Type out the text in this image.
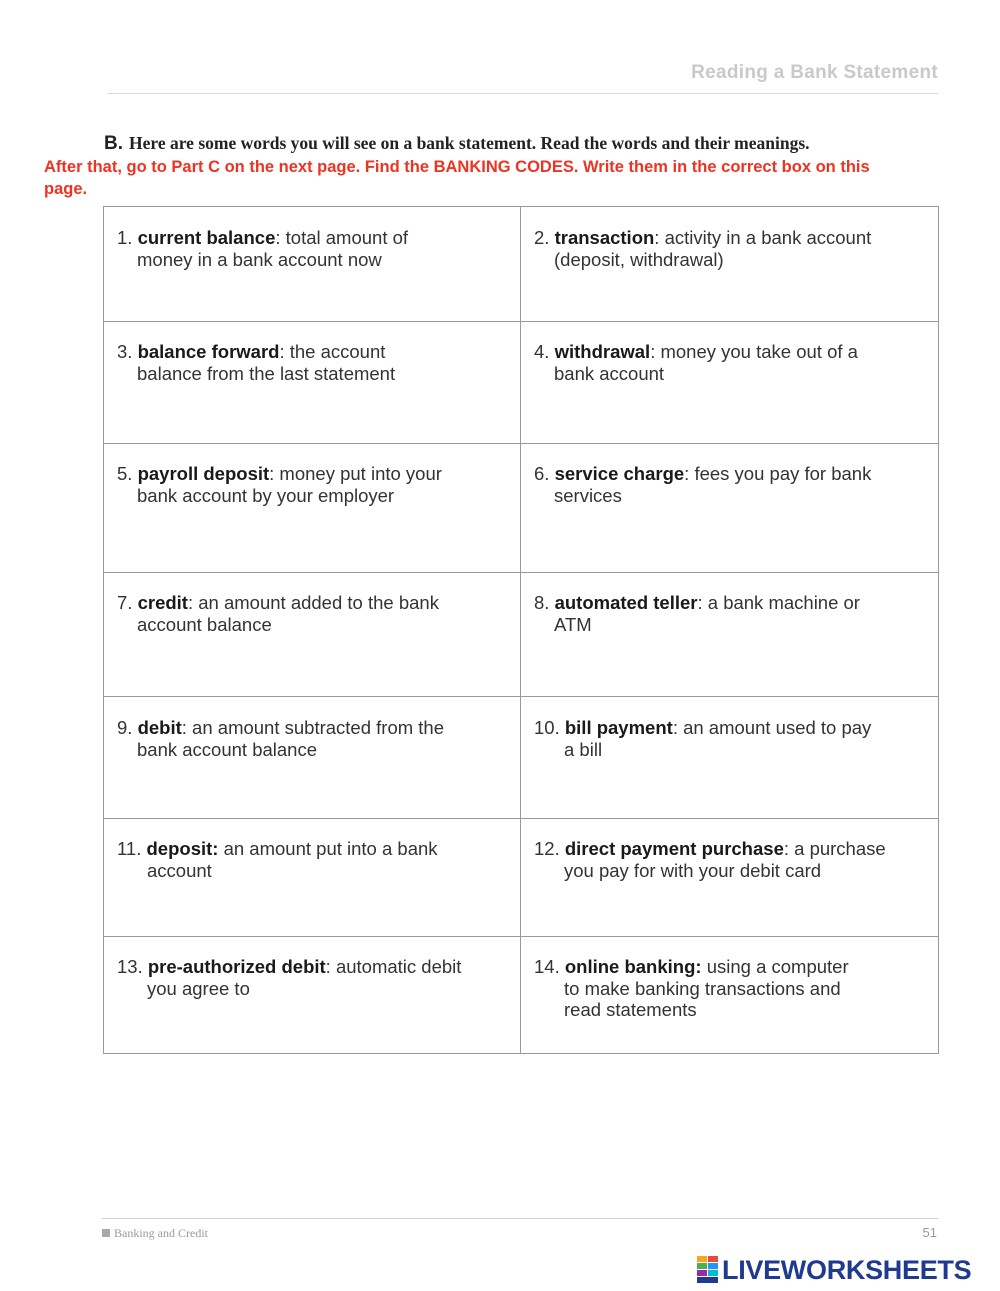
Reading a Bank Statement
B. Here are some words you will see on a bank statement. Read the words and their meanings.
After that, go to Part C on the next page. Find the BANKING CODES. Write them in the correct box on this page.
1. current balance: total amount of
money in a bank account now
2. transaction: activity in a bank account
(deposit, withdrawal)
3. balance forward: the account
balance from the last statement
4. withdrawal: money you take out of a
bank account
5. payroll deposit: money put into your
bank account by your employer
6. service charge: fees you pay for bank
services
7. credit: an amount added to the bank
account balance
8. automated teller: a bank machine or
ATM
9. debit: an amount subtracted from the
bank account balance
10. bill payment: an amount used to pay
a bill
11. deposit: an amount put into a bank
account
12. direct payment purchase: a purchase
you pay for with your debit card
13. pre-authorized debit: automatic debit
you agree to
14. online banking: using a computer
to make banking transactions and
read statements
Banking and Credit	51
LIVEWORKSHEETS
